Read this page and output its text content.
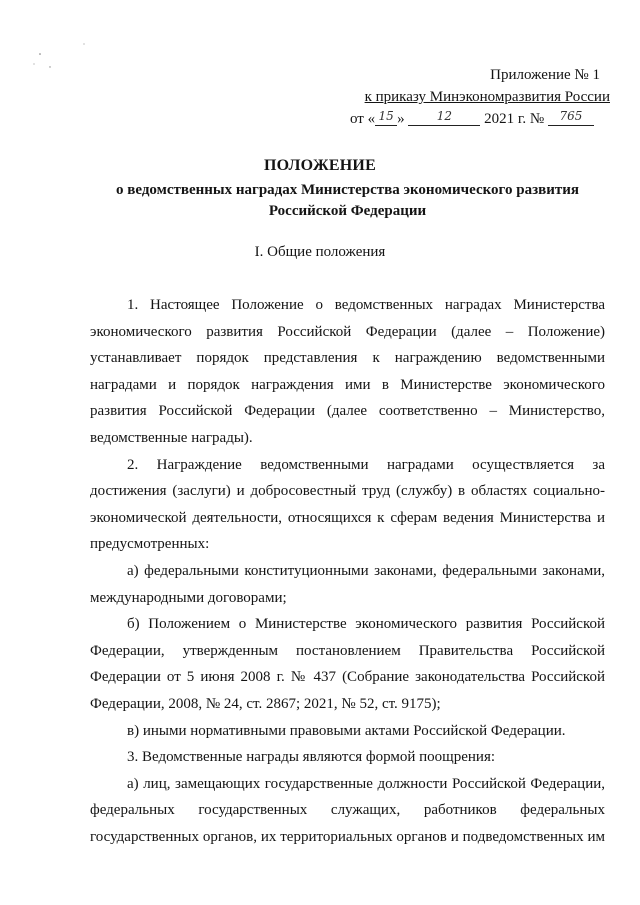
Приложение № 1
к приказу Минэкономразвития России
от « $^{15}$ »	$^{12}$ 2021 г. № $^{765}$
ПОЛОЖЕНИЕ
о ведомственных наградах Министерства экономического развития Российской Федерации
I. Общие положения

1. Настоящее Положение о ведомственных наградах Министерства экономического развития Российской Федерации (далее – Положение) устанавливает порядок представления к награждению ведомственными наградами и порядок награждения ими в Министерстве экономического развития Российской Федерации (далее соответственно – Министерство, ведомственные награды).

2. Награждение ведомственными наградами осуществляется за достижения (заслуги) и добросовестный труд (службу) в областях социально-экономической деятельности, относящихся к сферам ведения Министерства и предусмотренных:

а) федеральными конституционными законами, федеральными законами, международными договорами;

б) Положением о Министерстве экономического развития Российской Федерации, утвержденным постановлением Правительства Российской Федерации от 5 июня 2008 г. № 437 (Собрание законодательства Российской Федерации, 2008, № 24, ст. 2867; 2021, № 52, ст. 9175);

в) иными нормативными правовыми актами Российской Федерации.

3. Ведомственные награды являются формой поощрения:

а) лиц, замещающих государственные должности Российской Федерации, федеральных государственных служащих, работников федеральных государственных органов, их территориальных органов и подведомственных им
